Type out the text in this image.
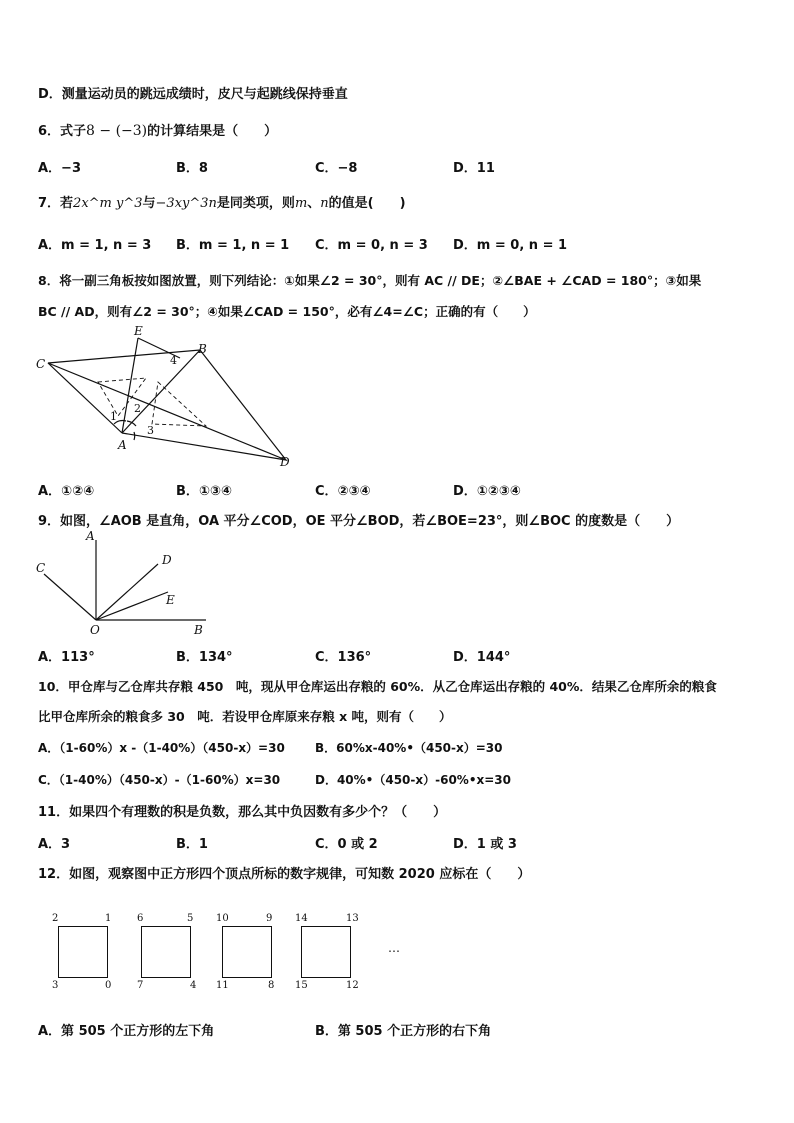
D．测量运动员的跳远成绩时，皮尺与起跳线保持垂直
6．式子8 − (−3)的计算结果是（　　）
A．−3	B．8	C．−8	D．11
7．若2x^m y^3与−3xy^3n是同类项，则m、n的值是(　　)
A．m = 1, n = 3 B．m = 1, n = 1 C．m = 0, n = 3 D．m = 0, n = 1
8．将一副三角板按如图放置，则下列结论：①如果∠2 = 30°，则有 AC // DE；②∠BAE + ∠CAD = 180°；③如果
BC // AD，则有∠2 = 30°；④如果∠CAD = 150°，必有∠4=∠C；正确的有（　　）
E
B
C	4
1
2
3
A
D
A．①②④	B．①③④	C．②③④	D．①②③④
9．如图，∠AOB 是直角，OA 平分∠COD，OE 平分∠BOD，若∠BOE=23°，则∠BOC 的度数是（　　）
A
C
D
E
O	B
A．113°	B．134°	C．136°	D．144°
10．甲仓库与乙仓库共存粮 450　吨，现从甲仓库运出存粮的 60%．从乙仓库运出存粮的 40%．结果乙仓库所余的粮食
比甲仓库所余的粮食多 30　吨．若设甲仓库原来存粮 x 吨，则有（　　）
A．（1-60%）x -（1-40%）（450-x）=30	B．60%x-40%•（450-x）=30
C．（1-40%）（450-x）-（1-60%）x=30	D．40%•（450-x）-60%•x=30
11．如果四个有理数的积是负数，那么其中负因数有多少个？（　　）
A．3	B．1	C．0 或 2	D．1 或 3
12．如图，观察图中正方形四个顶点所标的数字规律，可知数 2020 应标在（　　）
2	1
3	0
6	5
7	4
10	9
11	8
14	13
15	12
…
A．第 505 个正方形的左下角	B．第 505 个正方形的右下角
